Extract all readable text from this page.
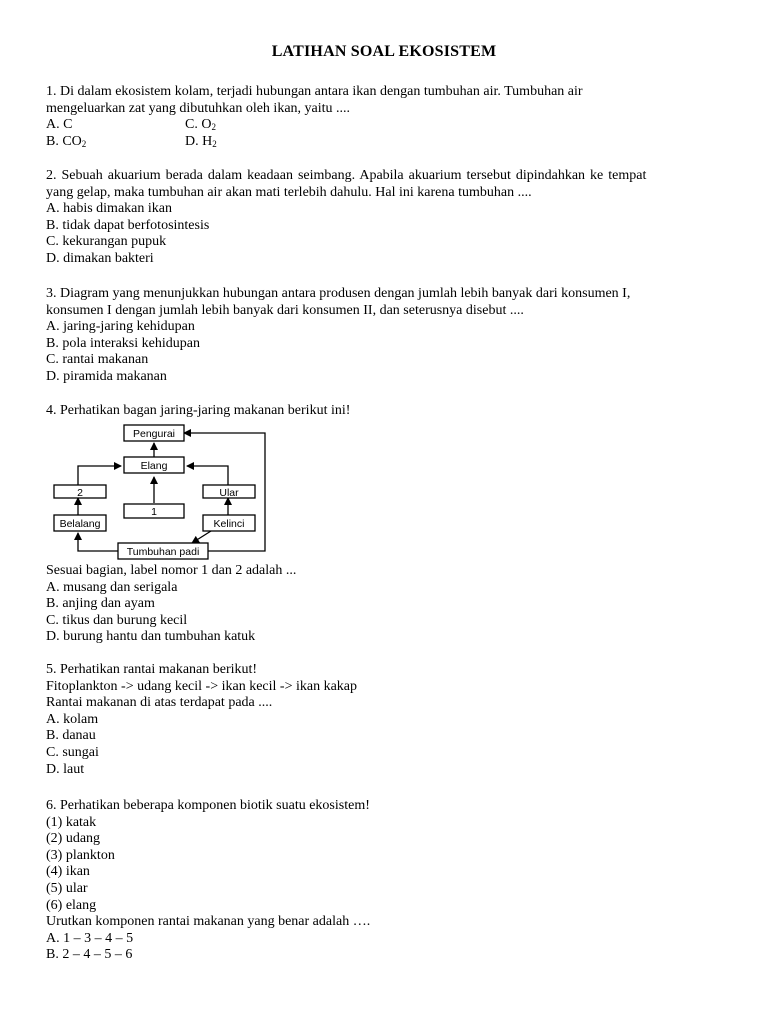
LATIHAN SOAL EKOSISTEM
1. Di dalam ekosistem kolam, terjadi hubungan antara ikan dengan tumbuhan air. Tumbuhan air
mengeluarkan zat yang dibutuhkan oleh ikan, yaitu ....
A. C	C. $O_2$
B. $CO_2$	D. $H_2$
2. Sebuah akuarium berada dalam keadaan seimbang. Apabila akuarium tersebut dipindahkan ke tempat
yang gelap, maka tumbuhan air akan mati terlebih dahulu. Hal ini karena tumbuhan ....
A. habis dimakan ikan
B. tidak dapat berfotosintesis
C. kekurangan pupuk
D. dimakan bakteri
3. Diagram yang menunjukkan hubungan antara produsen dengan jumlah lebih banyak dari konsumen I,
konsumen I dengan jumlah lebih banyak dari konsumen II, dan seterusnya disebut ....
A. jaring-jaring kehidupan
B. pola interaksi kehidupan
C. rantai makanan
D. piramida makanan
4. Perhatikan bagan jaring-jaring makanan berikut ini!
Pengurai
Elang
2	Ular
1
Belalang	Kelinci
Tumbuhan padi
Sesuai bagian, label nomor 1 dan 2 adalah ...
A. musang dan serigala
B. anjing dan ayam
C. tikus dan burung kecil
D. burung hantu dan tumbuhan katuk
5. Perhatikan rantai makanan berikut!
Fitoplankton -> udang kecil -> ikan kecil -> ikan kakap
Rantai makanan di atas terdapat pada ....
A. kolam
B. danau
C. sungai
D. laut
6. Perhatikan beberapa komponen biotik suatu ekosistem!
(1) katak
(2) udang
(3) plankton
(4) ikan
(5) ular
(6) elang
Urutkan komponen rantai makanan yang benar adalah ….
A. 1 – 3 – 4 – 5
B. 2 – 4 – 5 – 6
